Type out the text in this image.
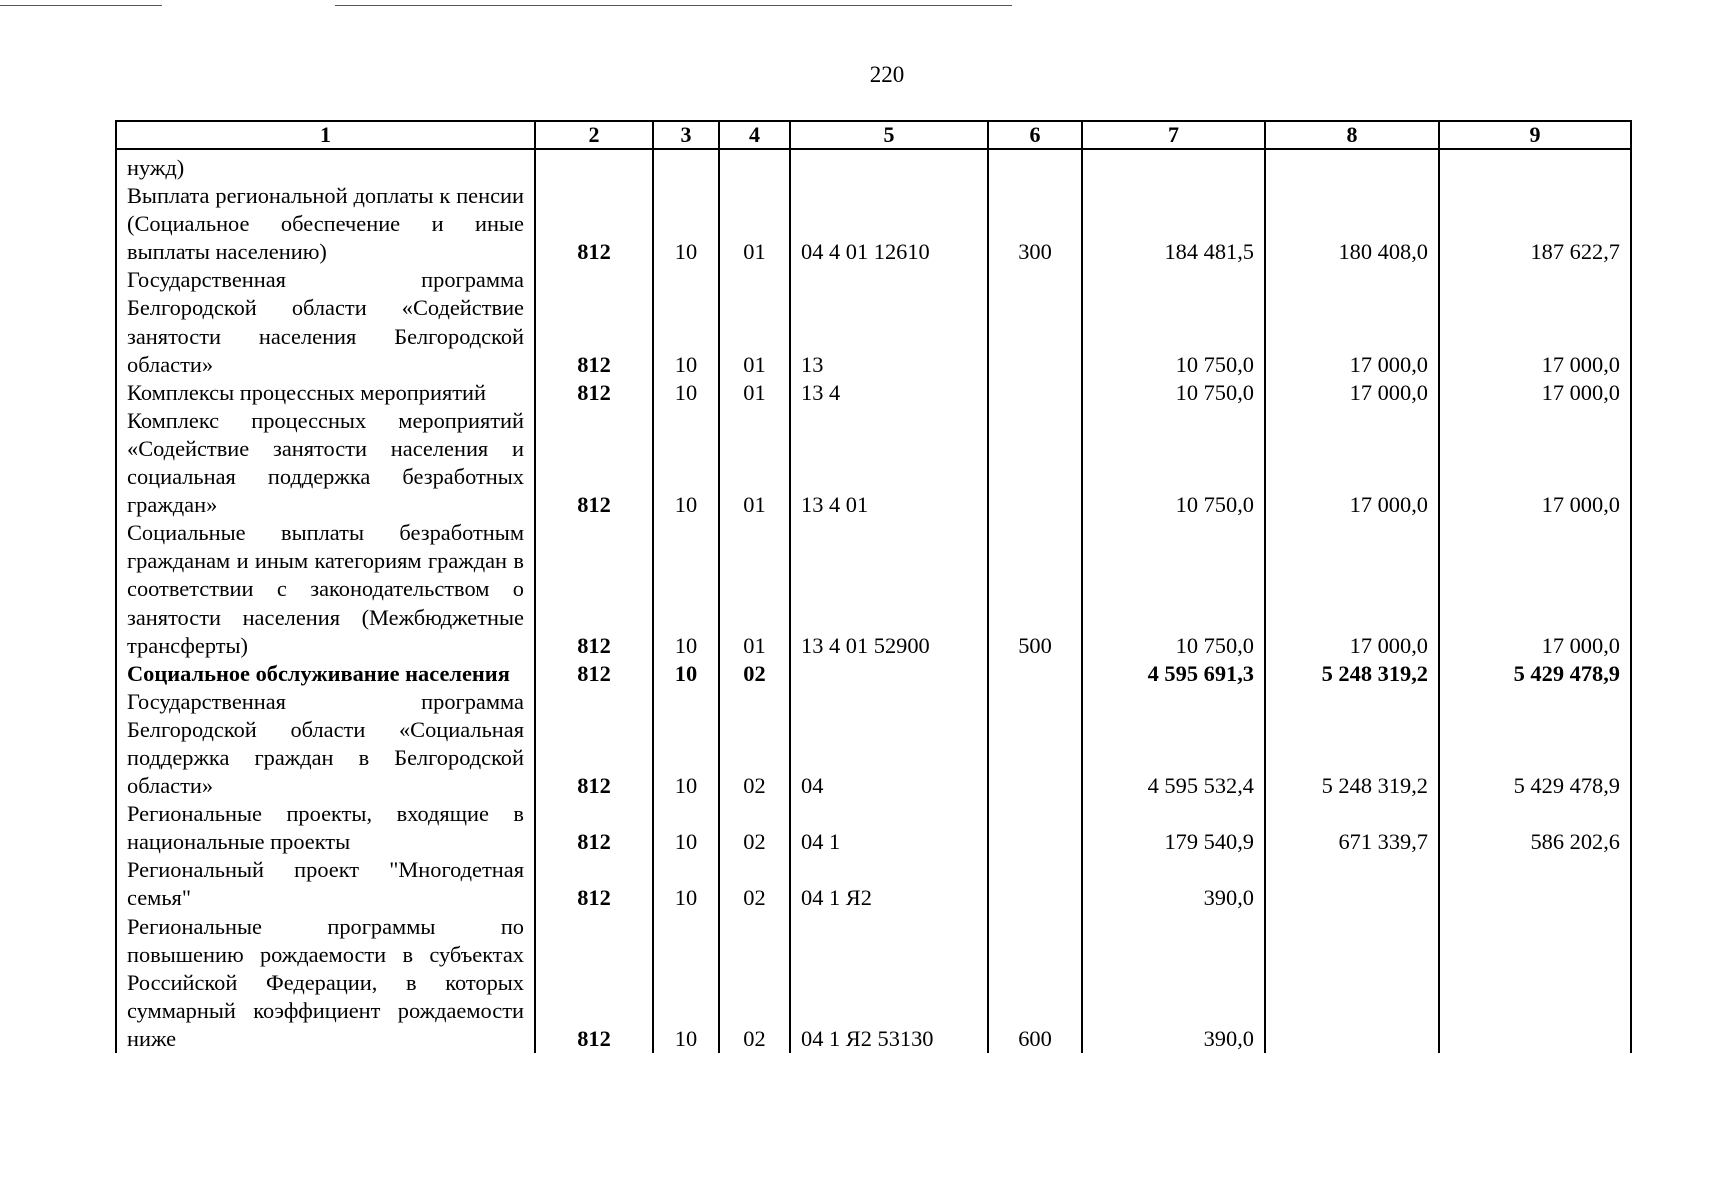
220
1	2	3	4	5	6	7	8	9
нужд)								
Выплата региональной доплаты к пенсии (Социальное обеспечение и иные выплаты населению)	812	10	01	04 4 01 12610	300	184 481,5	180 408,0	187 622,7
Государственная программа Белгородской области «Содействие занятости населения Белгородской области»	812	10	01	13		10 750,0	17 000,0	17 000,0
Комплексы процессных мероприятий	812	10	01	13 4		10 750,0	17 000,0	17 000,0
Комплекс процессных мероприятий «Содействие занятости населения и социальная поддержка безработных граждан»	812	10	01	13 4 01		10 750,0	17 000,0	17 000,0
Социальные выплаты безработным гражданам и иным категориям граждан в соответствии с законодательством о занятости населения (Межбюджетные трансферты)	812	10	01	13 4 01 52900	500	10 750,0	17 000,0	17 000,0
Социальное обслуживание населения	812	10	02			4 595 691,3	5 248 319,2	5 429 478,9
Государственная программа Белгородской области «Социальная поддержка граждан в Белгородской области»	812	10	02	04		4 595 532,4	5 248 319,2	5 429 478,9
Региональные проекты, входящие в национальные проекты	812	10	02	04 1		179 540,9	671 339,7	586 202,6
Региональный проект "Многодетная семья"	812	10	02	04 1 Я2		390,0		
Региональные программы по повышению рождаемости в субъектах Российской Федерации, в которых суммарный коэффициент рождаемости ниже	812	10	02	04 1 Я2 53130	600	390,0		
